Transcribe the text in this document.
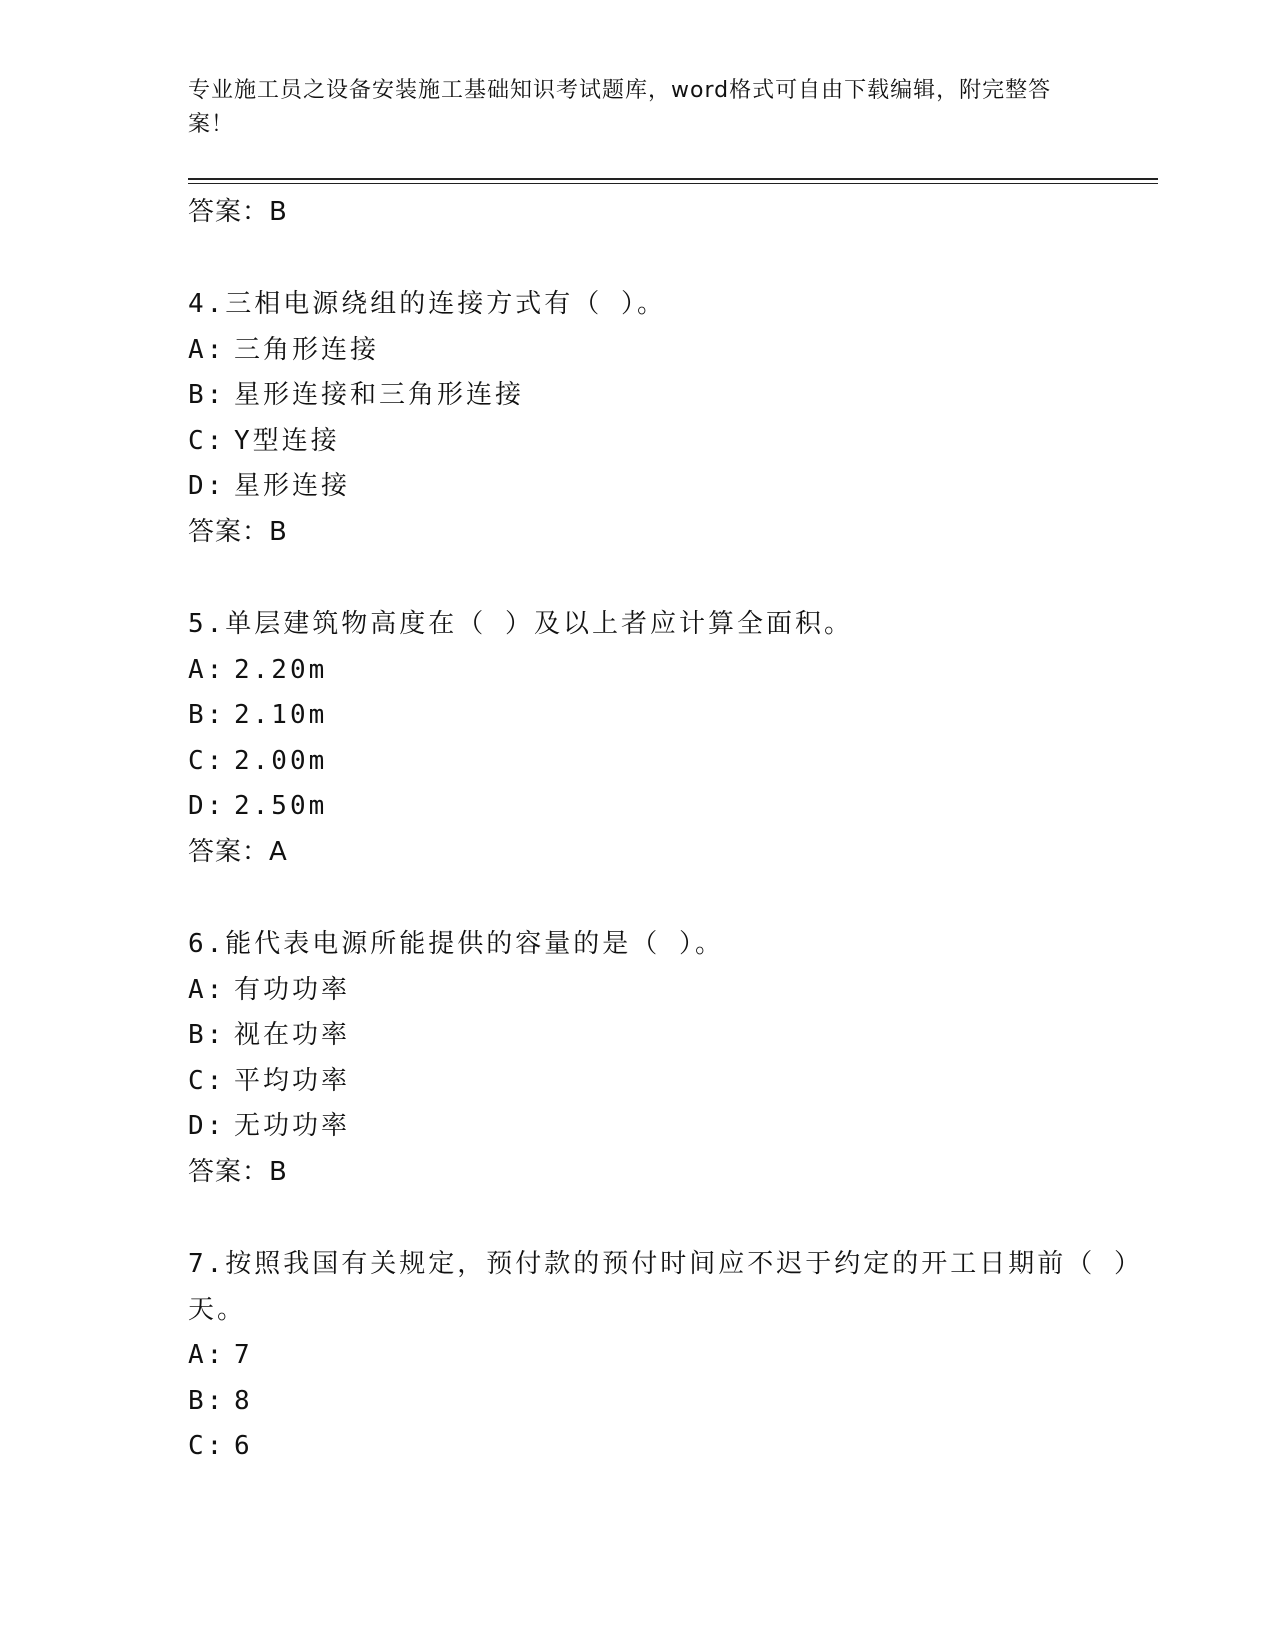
专业施工员之设备安装施工基础知识考试题库，word格式可自由下载编辑，附完整答案！
答案：B
4.三相电源绕组的连接方式有（ ）。
A: 三角形连接
B: 星形连接和三角形连接
C: Y型连接
D: 星形连接
答案：B
5.单层建筑物高度在（ ）及以上者应计算全面积。
A: 2.20m
B: 2.10m
C: 2.00m
D: 2.50m
答案：A
6.能代表电源所能提供的容量的是（ ）。
A: 有功功率
B: 视在功率
C: 平均功率
D: 无功功率
答案：B
7.按照我国有关规定，预付款的预付时间应不迟于约定的开工日期前（ ）天。
A: 7
B: 8
C: 6
